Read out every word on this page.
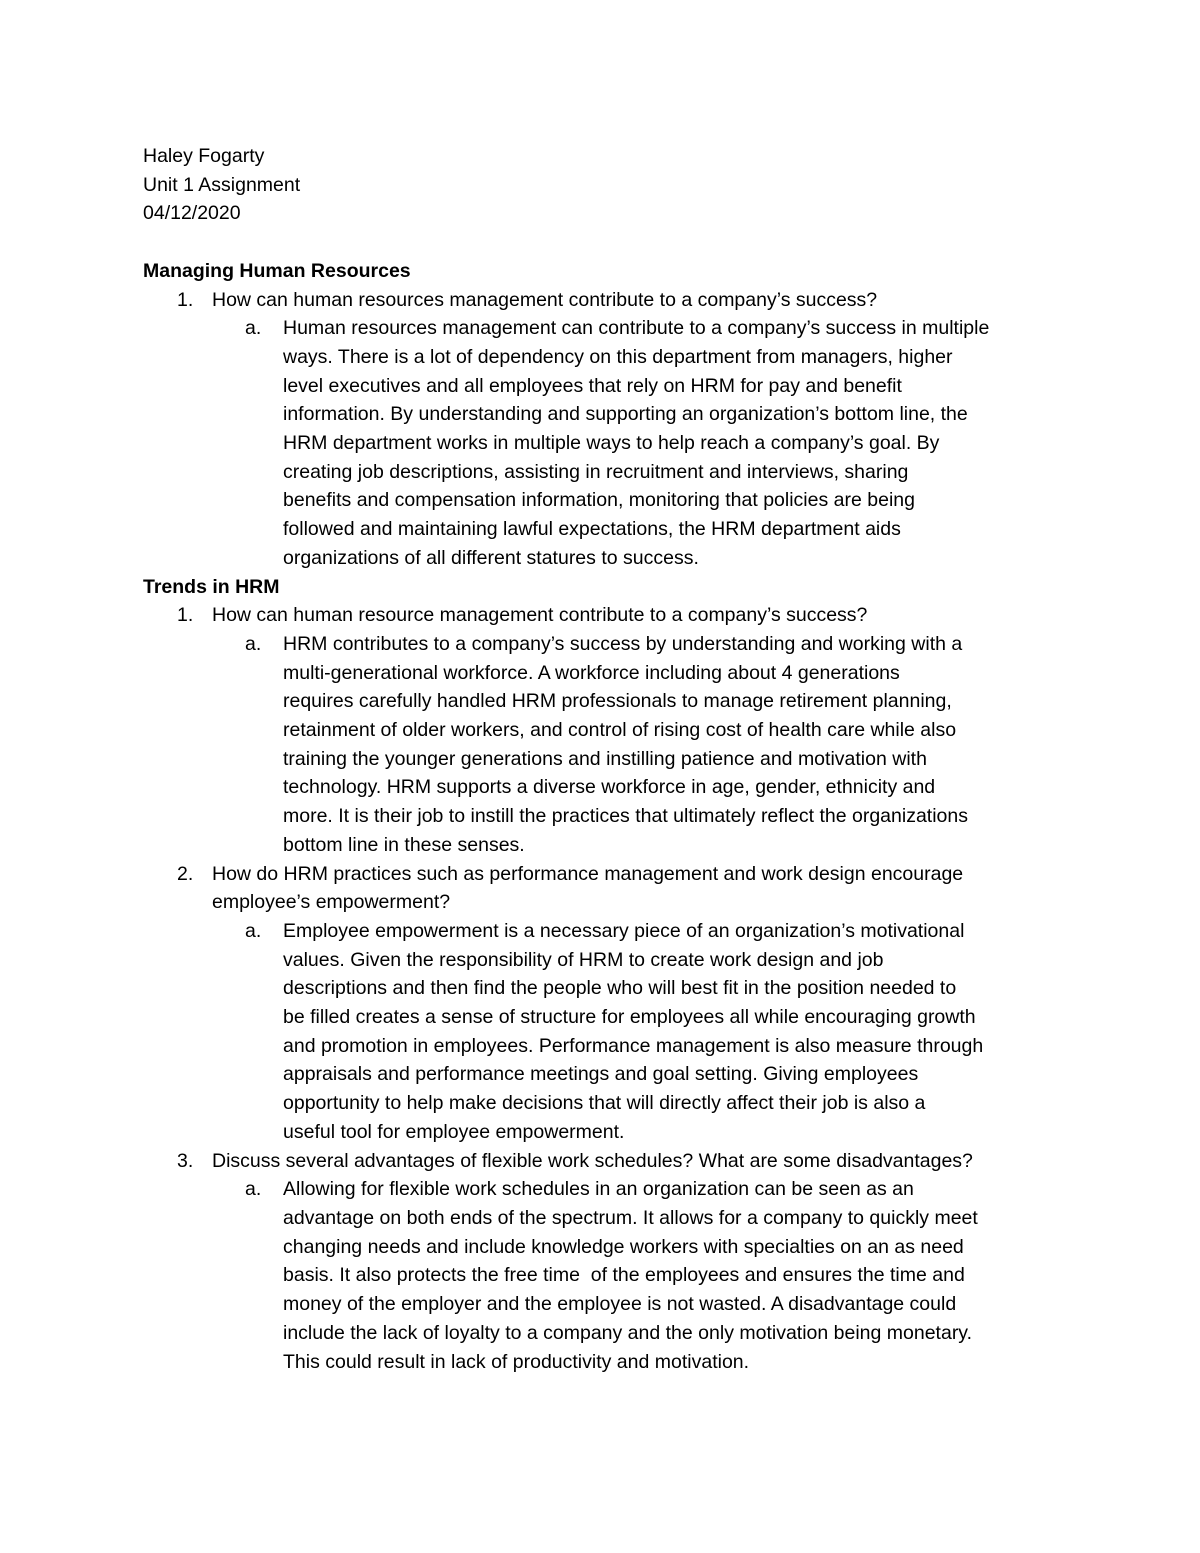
Haley Fogarty

Unit 1 Assignment

04/12/2020

Managing Human Resources

1. How can human resources management contribute to a company’s success?
a. Human resources management can contribute to a company’s success in multiple
ways. There is a lot of dependency on this department from managers, higher
level executives and all employees that rely on HRM for pay and benefit
information. By understanding and supporting an organization’s bottom line, the
HRM department works in multiple ways to help reach a company’s goal. By
creating job descriptions, assisting in recruitment and interviews, sharing
benefits and compensation information, monitoring that policies are being
followed and maintaining lawful expectations, the HRM department aids
organizations of all different statures to success.

Trends in HRM

1. How can human resource management contribute to a company’s success?
a. HRM contributes to a company’s success by understanding and working with a
multi-generational workforce. A workforce including about 4 generations
requires carefully handled HRM professionals to manage retirement planning,
retainment of older workers, and control of rising cost of health care while also
training the younger generations and instilling patience and motivation with
technology. HRM supports a diverse workforce in age, gender, ethnicity and
more. It is their job to instill the practices that ultimately reflect the organizations
bottom line in these senses.
2. How do HRM practices such as performance management and work design encourage
employee’s empowerment?
a. Employee empowerment is a necessary piece of an organization’s motivational
values. Given the responsibility of HRM to create work design and job
descriptions and then find the people who will best fit in the position needed to
be filled creates a sense of structure for employees all while encouraging growth
and promotion in employees. Performance management is also measure through
appraisals and performance meetings and goal setting. Giving employees
opportunity to help make decisions that will directly affect their job is also a
useful tool for employee empowerment.
3. Discuss several advantages of flexible work schedules? What are some disadvantages?
a. Allowing for flexible work schedules in an organization can be seen as an
advantage on both ends of the spectrum. It allows for a company to quickly meet
changing needs and include knowledge workers with specialties on an as need
basis. It also protects the free time  of the employees and ensures the time and
money of the employer and the employee is not wasted. A disadvantage could
include the lack of loyalty to a company and the only motivation being monetary.
This could result in lack of productivity and motivation.
